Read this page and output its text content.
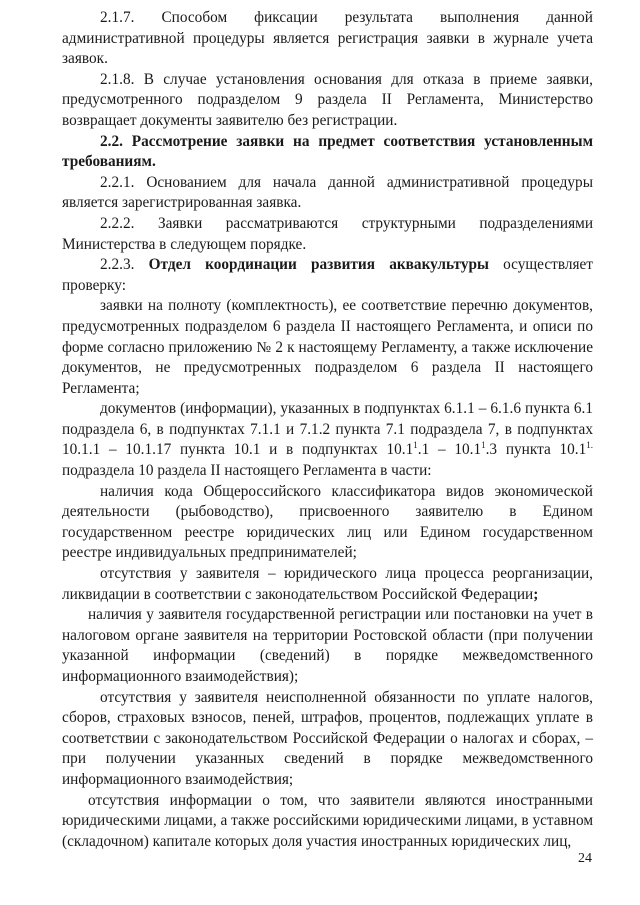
2.1.7. Способом фиксации результата выполнения данной административной процедуры является регистрация заявки в журнале учета заявок.

2.1.8. В случае установления основания для отказа в приеме заявки, предусмотренного подразделом 9 раздела II Регламента, Министерство возвращает документы заявителю без регистрации.

2.2. Рассмотрение заявки на предмет соответствия установленным требованиям.

2.2.1. Основанием для начала данной административной процедуры является зарегистрированная заявка.

2.2.2. Заявки рассматриваются структурными подразделениями Министерства в следующем порядке.

2.2.3. Отдел координации развития аквакультуры осуществляет проверку:

заявки на полноту (комплектность), ее соответствие перечню документов, предусмотренных подразделом 6 раздела II настоящего Регламента, и описи по форме согласно приложению № 2 к настоящему Регламенту, а также исключение документов, не предусмотренных подразделом 6 раздела II настоящего Регламента;

документов (информации), указанных в подпунктах 6.1.1 – 6.1.6 пункта 6.1 подраздела 6, в подпунктах 7.1.1 и 7.1.2 пункта 7.1 подраздела 7, в подпунктах 10.1.1 – 10.1.17 пункта 10.1 и в подпунктах 10.1$^1$.1 – 10.1$^1$.3 пункта $10.1^{1.}$ подраздела 10 раздела II настоящего Регламента в части:

наличия кода Общероссийского классификатора видов экономической деятельности (рыбоводство), присвоенного заявителю в Едином государственном реестре юридических лиц или Едином государственном реестре индивидуальных предпринимателей;

отсутствия у заявителя – юридического лица процесса реорганизации, ликвидации в соответствии с законодательством Российской Федерации;

наличия у заявителя государственной регистрации или постановки на учет в налоговом органе заявителя на территории Ростовской области (при получении указанной информации (сведений) в порядке межведомственного информационного взаимодействия);

отсутствия у заявителя неисполненной обязанности по уплате налогов, сборов, страховых взносов, пеней, штрафов, процентов, подлежащих уплате в соответствии с законодательством Российской Федерации о налогах и сборах, – при получении указанных сведений в порядке межведомственного информационного взаимодействия;

отсутствия информации о том, что заявители являются иностранными юридическими лицами, а также российскими юридическими лицами, в уставном (складочном) капитале которых доля участия иностранных юридических лиц,

24
